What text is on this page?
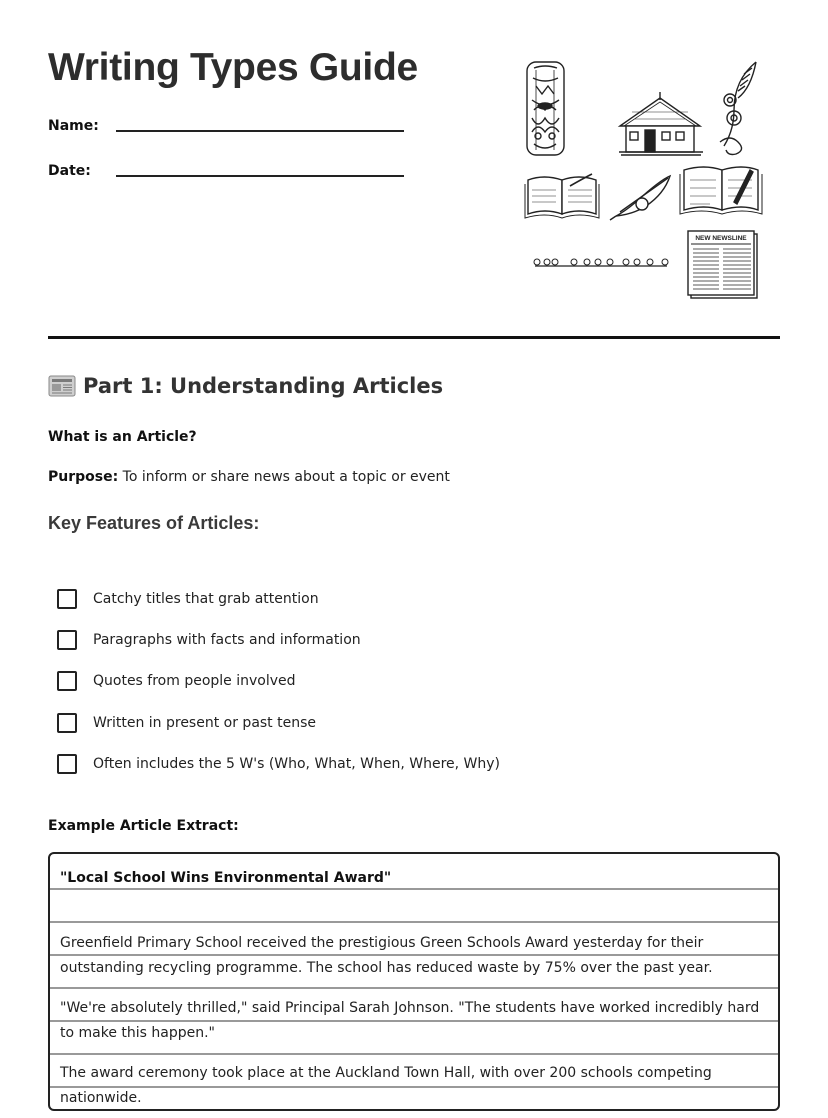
Writing Types Guide
Name:
Date:
NEW NEWSLINE
Part 1: Understanding Articles
What is an Article?
Purpose: To inform or share news about a topic or event
Key Features of Articles:
Catchy titles that grab attention
Paragraphs with facts and information
Quotes from people involved
Written in present or past tense
Often includes the 5 W's (Who, What, When, Where, Why)
Example Article Extract:

"Local School Wins Environmental Award"

Greenfield Primary School received the prestigious Green Schools Award yesterday for their outstanding recycling programme. The school has reduced waste by 75% over the past year.

"We're absolutely thrilled," said Principal Sarah Johnson. "The students have worked incredibly hard to make this happen."

The award ceremony took place at the Auckland Town Hall, with over 200 schools competing nationwide.
